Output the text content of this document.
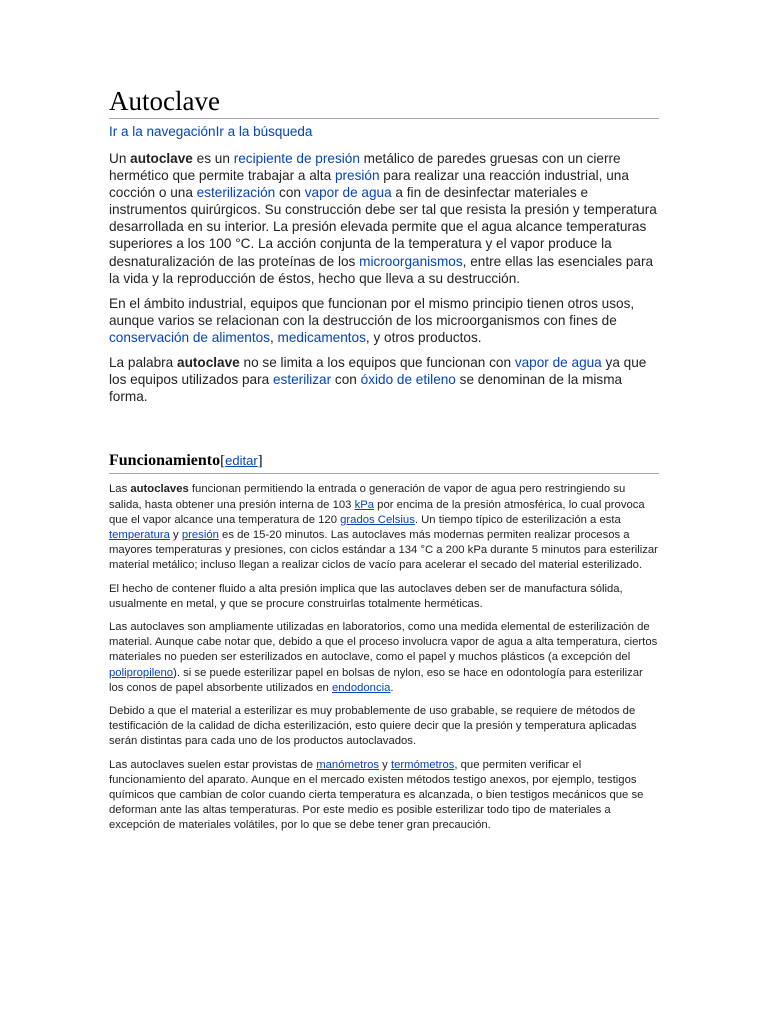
Autoclave
Ir a la navegaciónIr a la búsqueda

Un autoclave es un recipiente de presión metálico de paredes gruesas con un cierre hermético que permite trabajar a alta presión para realizar una reacción industrial, una cocción o una esterilización con vapor de agua a fin de desinfectar materiales e instrumentos quirúrgicos. Su construcción debe ser tal que resista la presión y temperatura desarrollada en su interior. La presión elevada permite que el agua alcance temperaturas superiores a los 100 °C. La acción conjunta de la temperatura y el vapor produce la desnaturalización de las proteínas de los microorganismos, entre ellas las esenciales para la vida y la reproducción de éstos, hecho que lleva a su destrucción.

En el ámbito industrial, equipos que funcionan por el mismo principio tienen otros usos, aunque varios se relacionan con la destrucción de los microorganismos con fines de conservación de alimentos, medicamentos, y otros productos.

La palabra autoclave no se limita a los equipos que funcionan con vapor de agua ya que los equipos utilizados para esterilizar con óxido de etileno se denominan de la misma forma.

Funcionamiento[editar]

Las autoclaves funcionan permitiendo la entrada o generación de vapor de agua pero restringiendo su salida, hasta obtener una presión interna de 103 kPa por encima de la presión atmosférica, lo cual provoca que el vapor alcance una temperatura de 120 grados Celsius. Un tiempo típico de esterilización a esta temperatura y presión es de 15-20 minutos. Las autoclaves más modernas permiten realizar procesos a mayores temperaturas y presiones, con ciclos estándar a 134 °C a 200 kPa durante 5 minutos para esterilizar material metálico; incluso llegan a realizar ciclos de vacío para acelerar el secado del material esterilizado.

El hecho de contener fluido a alta presión implica que las autoclaves deben ser de manufactura sólida, usualmente en metal, y que se procure construirlas totalmente herméticas.

Las autoclaves son ampliamente utilizadas en laboratorios, como una medida elemental de esterilización de material. Aunque cabe notar que, debido a que el proceso involucra vapor de agua a alta temperatura, ciertos materiales no pueden ser esterilizados en autoclave, como el papel y muchos plásticos (a excepción del polipropileno). si se puede esterilizar papel en bolsas de nylon, eso se hace en odontología para esterilizar los conos de papel absorbente utilizados en endodoncia.

Debido a que el material a esterilizar es muy probablemente de uso grabable, se requiere de métodos de testificación de la calidad de dicha esterilización, esto quiere decir que la presión y temperatura aplicadas serán distintas para cada uno de los productos autoclavados.

Las autoclaves suelen estar provistas de manómetros y termómetros, que permiten verificar el funcionamiento del aparato. Aunque en el mercado existen métodos testigo anexos, por ejemplo, testigos químicos que cambian de color cuando cierta temperatura es alcanzada, o bien testigos mecánicos que se deforman ante las altas temperaturas. Por este medio es posible esterilizar todo tipo de materiales a excepción de materiales volátiles, por lo que se debe tener gran precaución.
